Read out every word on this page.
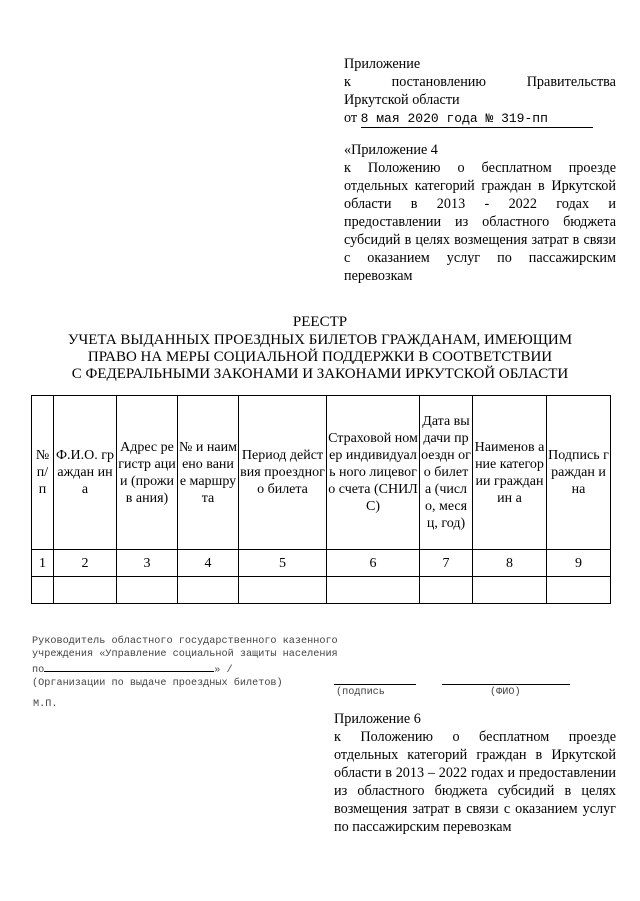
Приложение
к	постановлению	Правительства
Иркутской области
от 8 мая 2020 года № 319-пп
«Приложение 4
к Положению о бесплатном проезде отдельных категорий граждан в Иркутской области в 2013 - 2022 годах и предоставлении из областного бюджета субсидий в целях возмещения затрат в связи с оказанием услуг по пассажирским перевозкам
РЕЕСТР
УЧЕТА ВЫДАННЫХ ПРОЕЗДНЫХ БИЛЕТОВ ГРАЖДАНАМ, ИМЕЮЩИМ
ПРАВО НА МЕРЫ СОЦИАЛЬНОЙ ПОДДЕРЖКИ В СООТВЕТСТВИИ
С ФЕДЕРАЛЬНЫМИ ЗАКОНАМИ И ЗАКОНАМИ ИРКУТСКОЙ ОБЛАСТИ
№ п/ п	Ф.И.О. граждан ина	Адрес регистр ации (прожив ания)	№ и наимено вание маршру та	Период действия проездного билета	Страховой номер индивидуаль ного лицевого счета (СНИЛС)	Дата выдачи проездн ого билета (число, месяц, год)	Наименов ание категории гражданин а	Подпись граждан ина
1	2	3	4	5	6	7	8	9

Руководитель областного государственного казенного
учреждения «Управление социальной защиты населения
по	» /
(Организации по выдаче проездных билетов)
(подпись	(ФИО)
М.П.
Приложение 6
к Положению о бесплатном проезде отдельных категорий граждан в Иркутской области в 2013 – 2022 годах и предоставлении из областного бюджета субсидий в целях возмещения затрат в связи с оказанием услуг по пассажирским перевозкам
